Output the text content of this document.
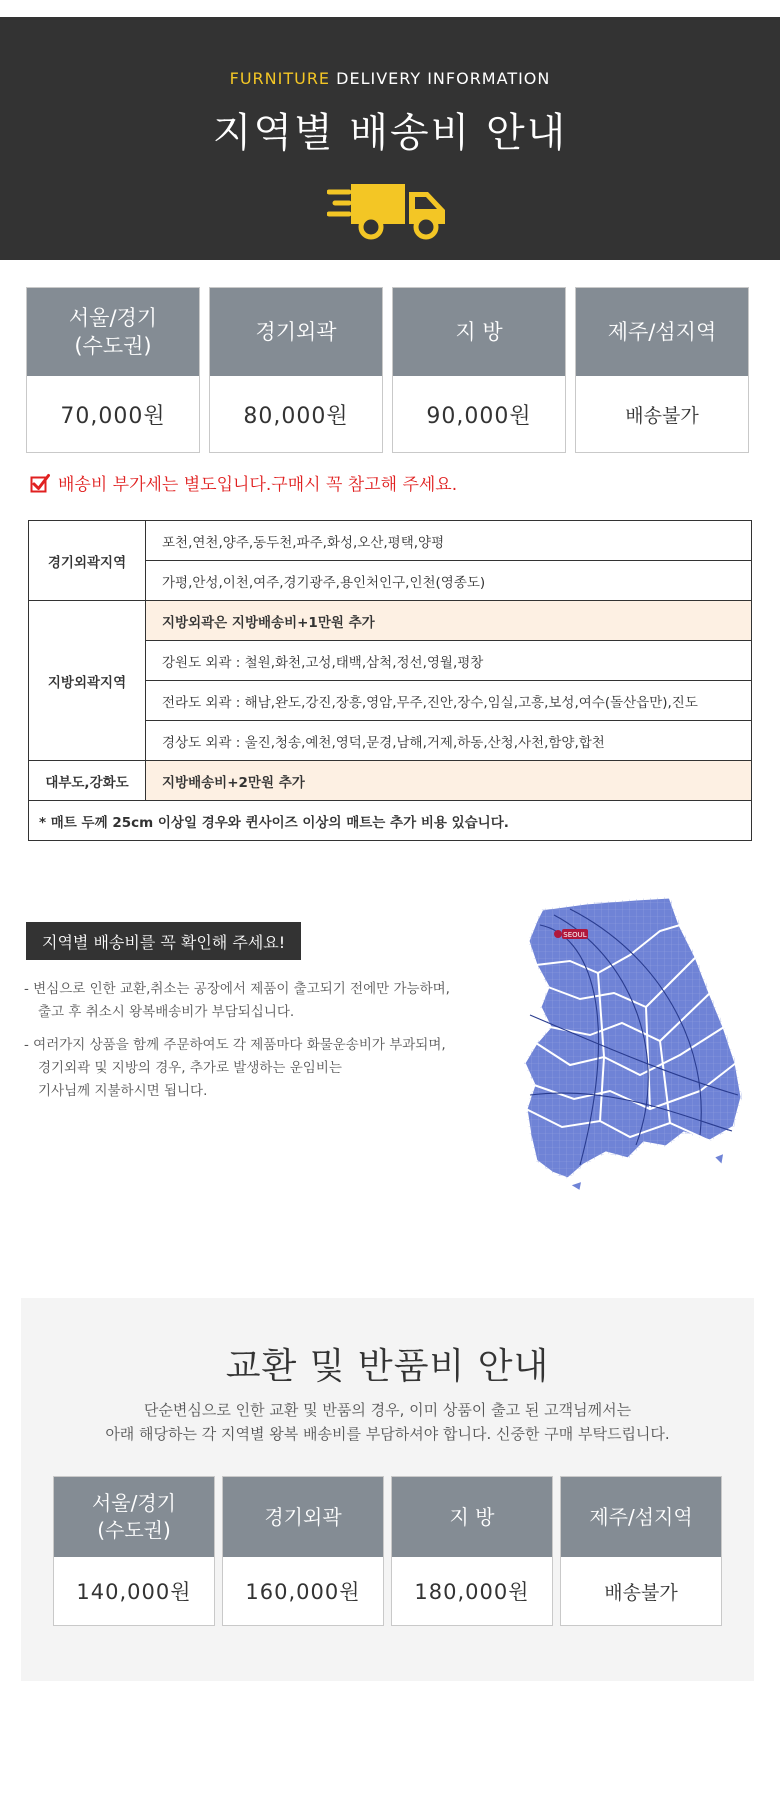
FURNITURE DELIVERY INFORMATION
지역별 배송비 안내
서울/경기
(수도권)
70,000원
경기외곽
80,000원
지 방
90,000원
제주/섬지역
배송불가
배송비 부가세는 별도입니다.구매시 꼭 참고해 주세요.
경기외곽지역	포천,연천,양주,동두천,파주,화성,오산,평택,양평
	가평,안성,이천,여주,경기광주,용인처인구,인천(영종도)
지방외곽지역	지방외곽은 지방배송비+1만원 추가
	강원도 외곽 : 철원,화천,고성,태백,삼척,정선,영월,평창
	전라도 외곽 : 해남,완도,강진,장흥,영암,무주,진안,장수,임실,고흥,보성,여수(돌산읍만),진도
	경상도 외곽 : 울진,청송,예천,영덕,문경,남해,거제,하동,산청,사천,함양,합천
대부도,강화도	지방배송비+2만원 추가
* 매트 두께 25cm 이상일 경우와 퀸사이즈 이상의 매트는 추가 비용 있습니다.	
지역별 배송비를 꼭 확인해 주세요!

- 변심으로 인한 교환,취소는 공장에서 제품이 출고되기 전에만 가능하며,
출고 후 취소시 왕복배송비가 부담되십니다.

- 여러가지 상품을 함께 주문하여도 각 제품마다 화물운송비가 부과되며,
경기외곽 및 지방의 경우, 추가로 발생하는 운임비는
기사님께 지불하시면 됩니다.

SEOUL
교환 및 반품비 안내
단순변심으로 인한 교환 및 반품의 경우, 이미 상품이 출고 된 고객님께서는
아래 해당하는 각 지역별 왕복 배송비를 부담하셔야 합니다. 신중한 구매 부탁드립니다.
서울/경기
(수도권)
140,000원
경기외곽
160,000원
지 방
180,000원
제주/섬지역
배송불가
